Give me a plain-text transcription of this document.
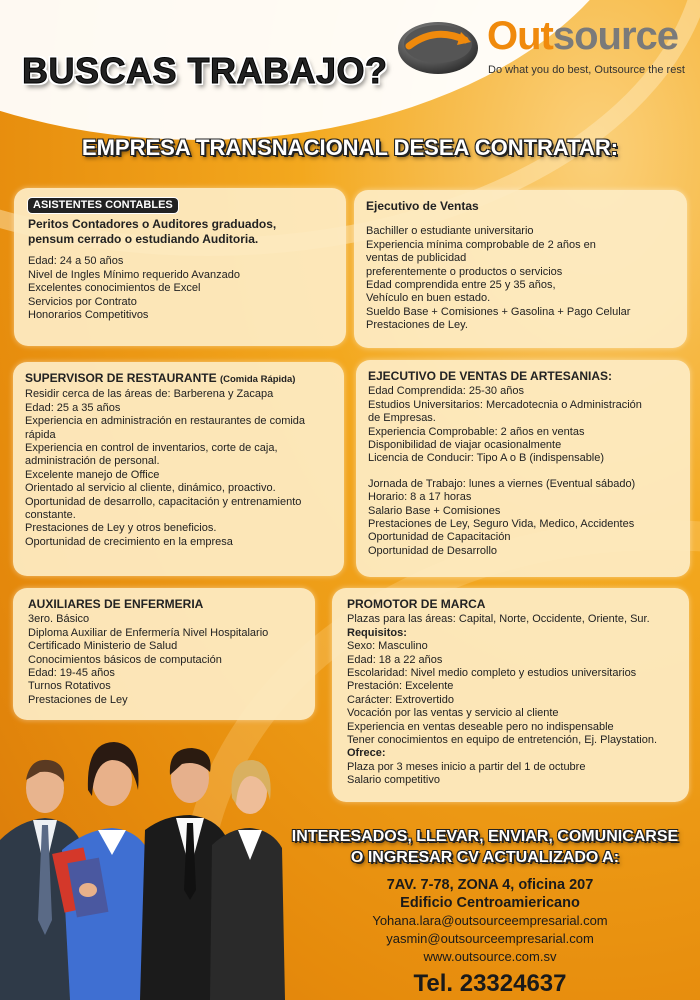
Outsource
Do what you do best, Outsource the rest
BUSCAS TRABAJO?
EMPRESA TRANSNACIONAL DESEA CONTRATAR:
ASISTENTES CONTABLES
Peritos Contadores o Auditores graduados,
pensum cerrado o estudiando Auditoria.
Edad: 24 a 50 años
Nivel de Ingles Mínimo requerido Avanzado
Excelentes conocimientos de Excel
Servicios por Contrato
Honorarios Competitivos
Ejecutivo de Ventas
Bachiller o estudiante universitario
Experiencia mínima comprobable de 2 años en
ventas de publicidad
preferentemente o productos o servicios
Edad comprendida entre 25 y 35 años,
Vehículo en buen estado.
Sueldo Base + Comisiones + Gasolina + Pago Celular
Prestaciones de Ley.
SUPERVISOR DE RESTAURANTE (Comida Rápida)
Residir cerca de las áreas de: Barberena y Zacapa
Edad: 25 a 35 años
Experiencia en administración en restaurantes de comida
rápida
Experiencia en control de inventarios, corte de caja,
administración de personal.
Excelente manejo de Office
Orientado al servicio al cliente, dinámico, proactivo.
Oportunidad de desarrollo, capacitación y entrenamiento
constante.
Prestaciones de Ley y otros beneficios.
Oportunidad de crecimiento en la empresa
EJECUTIVO DE VENTAS DE ARTESANIAS:
Edad Comprendida: 25-30 años
Estudios Universitarios: Mercadotecnia o Administración
de Empresas.
Experiencia Comprobable: 2 años en ventas
Disponibilidad de viajar ocasionalmente
Licencia de Conducir: Tipo A o B (indispensable)
Jornada de Trabajo: lunes a viernes (Eventual sábado)
Horario: 8 a 17 horas
Salario Base + Comisiones
Prestaciones de Ley, Seguro Vida, Medico, Accidentes
Oportunidad de Capacitación
Oportunidad de Desarrollo
AUXILIARES DE ENFERMERIA
3ero. Básico
Diploma Auxiliar de Enfermería Nivel Hospitalario
Certificado Ministerio de Salud
Conocimientos básicos de computación
Edad: 19-45 años
Turnos Rotativos
Prestaciones de Ley
PROMOTOR DE MARCA
Plazas para las áreas: Capital, Norte, Occidente, Oriente, Sur.
Requisitos:
Sexo: Masculino
Edad: 18 a 22 años
Escolaridad: Nivel medio completo y estudios universitarios
Prestación: Excelente
Carácter: Extrovertido
Vocación por las ventas y servicio al cliente
Experiencia en ventas deseable pero no indispensable
Tener conocimientos en equipo de entretención, Ej. Playstation.
Ofrece:
Plaza por 3 meses inicio a partir del 1 de octubre
Salario competitivo
INTERESADOS, LLEVAR, ENVIAR, COMUNICARSE
O INGRESAR CV ACTUALIZADO A:
7AV. 7-78, ZONA 4, oficina 207
Edificio Centroamiericano
Yohana.lara@outsourceempresarial.com
yasmin@outsourceempresarial.com
www.outsource.com.sv
Tel. 23324637
